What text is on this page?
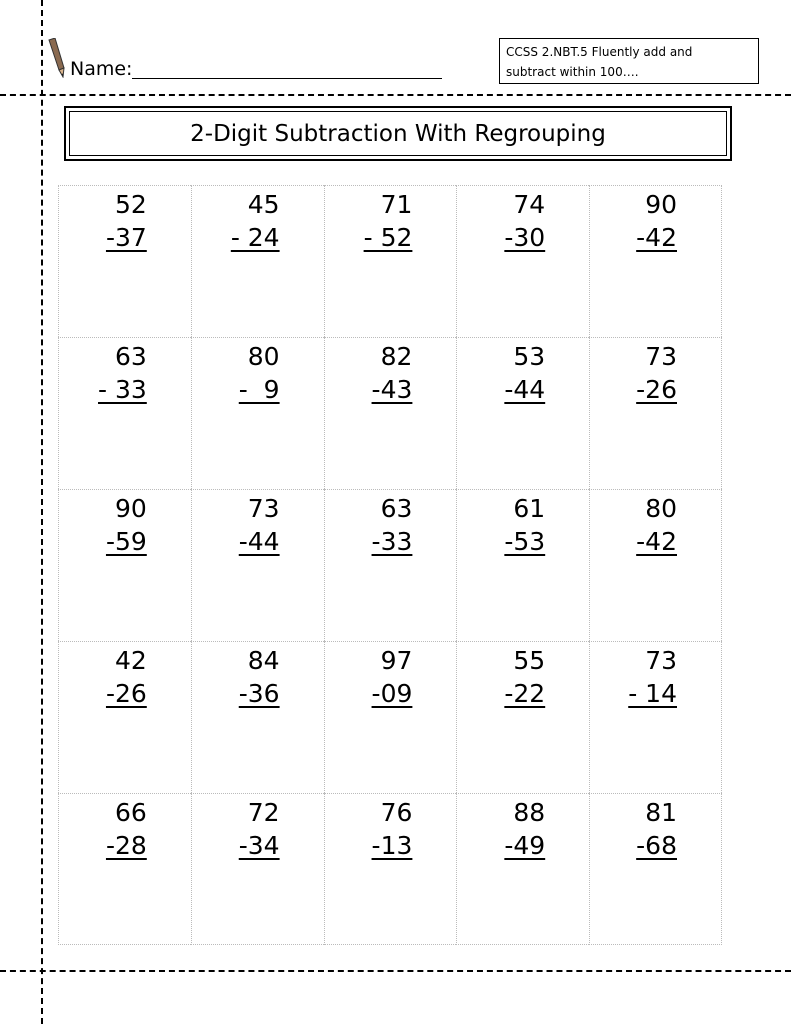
Name:
CCSS 2.NBT.5 Fluently add and
subtract within 100….
2-Digit Subtraction With Regrouping
52
-37
45
- 24
71
- 52
74
-30
90
-42
63
- 33
80
-  9
82
-43
53
-44
73
-26
90
-59
73
-44
63
-33
61
-53
80
-42
42
-26
84
-36
97
-09
55
-22
73
- 14
66
-28
72
-34
76
-13
88
-49
81
-68
